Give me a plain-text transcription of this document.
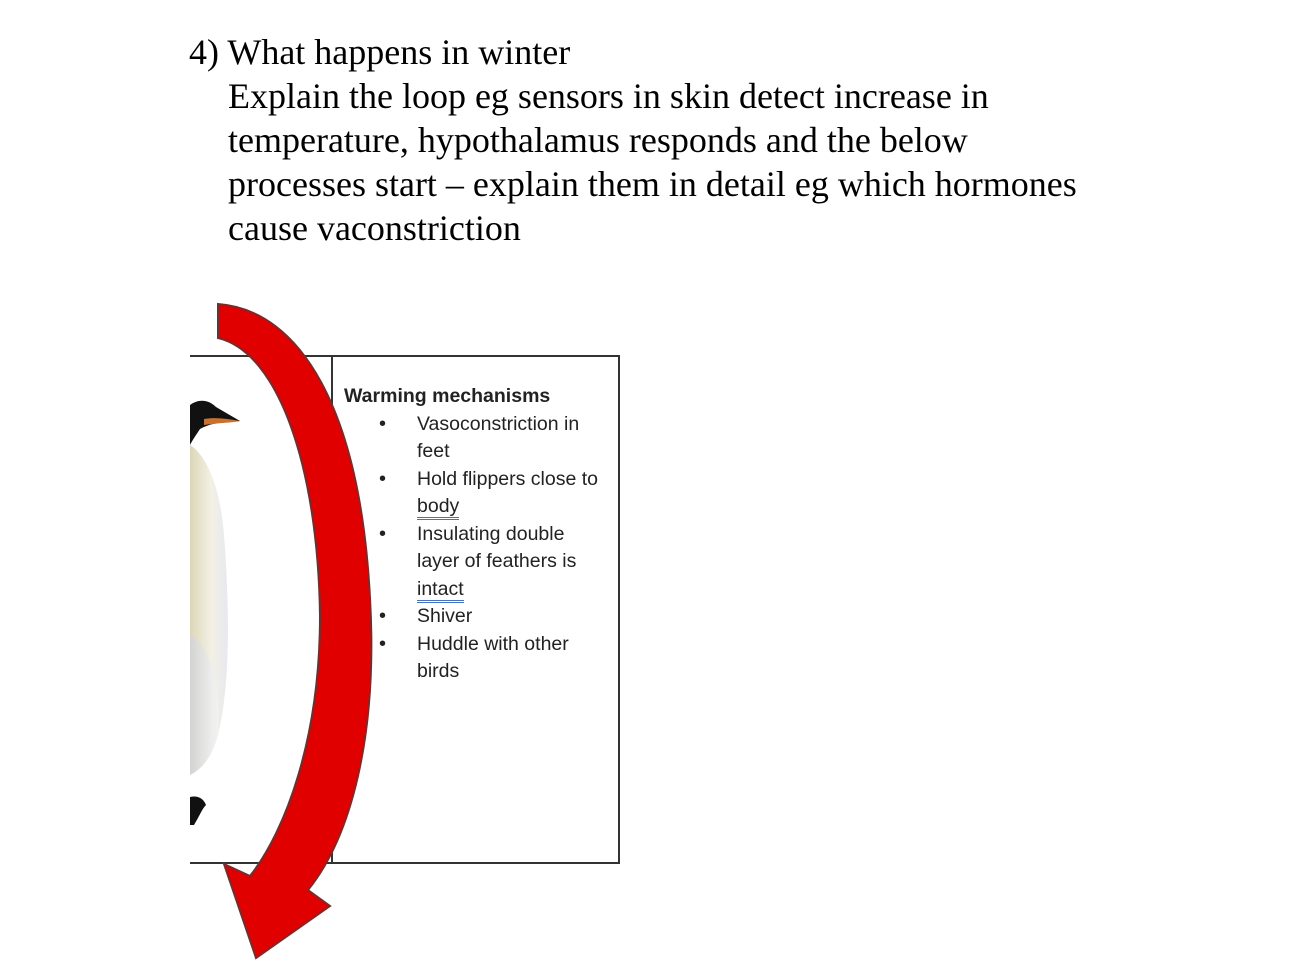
4) What happens in winter
Explain the loop eg sensors in skin detect increase in
temperature, hypothalamus responds and the below
processes start – explain them in detail eg which hormones
cause vaconstriction

Warming mechanisms

• Vasoconstriction in
feet
• Hold flippers close to
body
• Insulating double
layer of feathers is
intact
• Shiver
• Huddle with other
birds
